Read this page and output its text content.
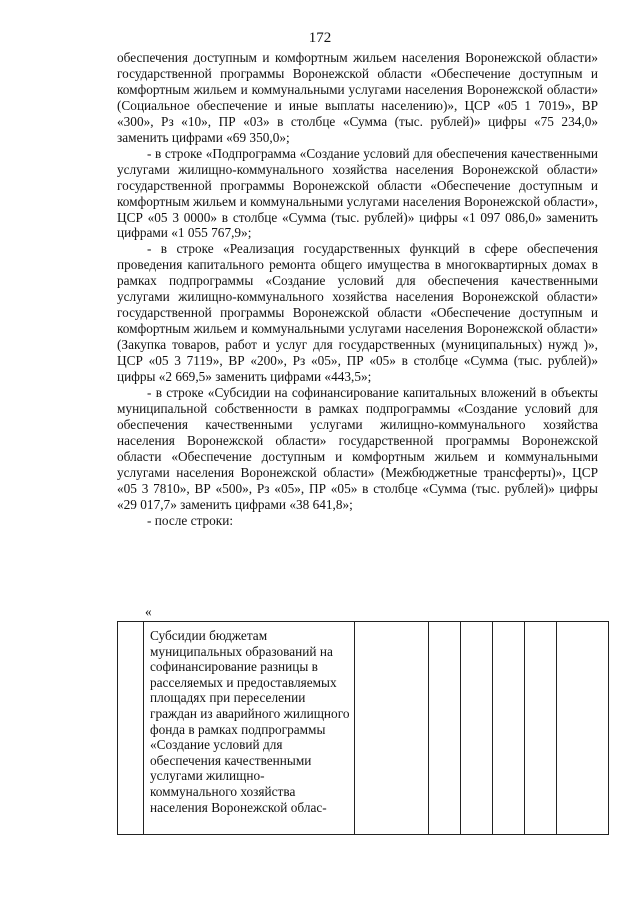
172

обеспечения доступным и комфортным жильем населения Воронежской области» государственной программы Воронежской области «Обеспечение доступным и комфортным жильем и коммунальными услугами населения Воронежской области» (Социальное обеспечение и иные выплаты населению)», ЦСР «05 1 7019», ВР «300», Рз «10», ПР «03» в столбце «Сумма (тыс. рублей)» цифры «75 234,0» заменить цифрами «69 350,0»;

- в строке «Подпрограмма «Создание условий для обеспечения качественными услугами жилищно-коммунального хозяйства населения Воронежской области» государственной программы Воронежской области «Обеспечение доступным и комфортным жильем и коммунальными услугами населения Воронежской области», ЦСР «05 3 0000» в столбце «Сумма (тыс. рублей)» цифры «1 097 086,0» заменить цифрами «1 055 767,9»;

- в строке «Реализация государственных функций в сфере обеспечения проведения капитального ремонта общего имущества в многоквартирных домах в рамках подпрограммы «Создание условий для обеспечения качественными услугами жилищно-коммунального хозяйства населения Воронежской области» государственной программы Воронежской области «Обеспечение доступным и комфортным жильем и коммунальными услугами населения Воронежской области» (Закупка товаров, работ и услуг для государственных (муниципальных) нужд )», ЦСР «05 3 7119», ВР «200», Рз «05», ПР «05» в столбце «Сумма (тыс. рублей)» цифры «2 669,5» заменить цифрами «443,5»;

- в строке «Субсидии на софинансирование капитальных вложений в объекты муниципальной собственности в рамках подпрограммы «Создание условий для обеспечения качественными услугами жилищно-коммунального хозяйства населения Воронежской области» государственной программы Воронежской области «Обеспечение доступным и комфортным жильем и коммунальными услугами населения Воронежской области» (Межбюджетные трансферты)», ЦСР «05 3 7810», ВР «500», Рз «05», ПР «05» в столбце «Сумма (тыс. рублей)» цифры «29 017,7» заменить цифрами «38 641,8»;

- после строки:

«

Субсидии бюджетам муниципальных образований на софинансирование разницы в расселяемых и предоставляемых площадях при переселении граждан из аварийного жилищного фонда в рамках подпрограммы «Создание условий для обеспечения качественными услугами жилищно-коммунального хозяйства населения Воронежской облас-
